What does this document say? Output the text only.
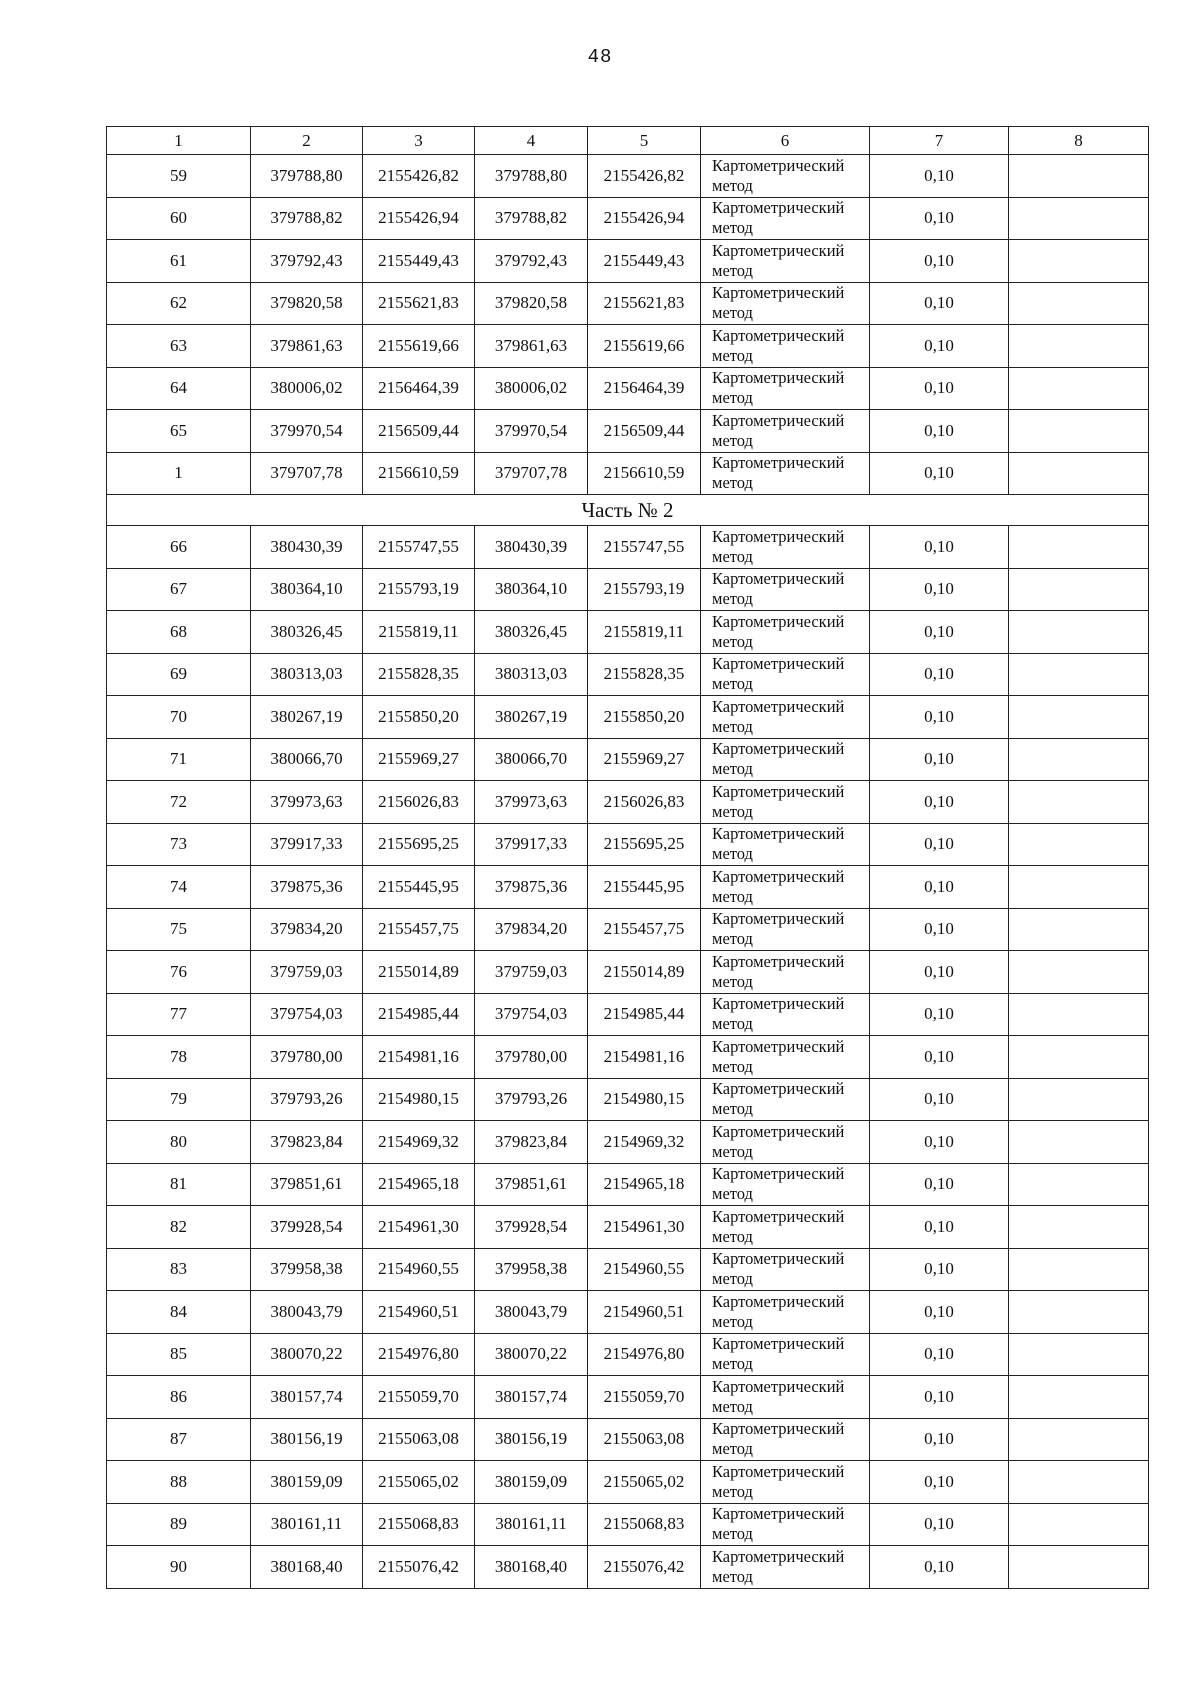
48
1	2	3	4	5	6	7	8
59	379788,80	2155426,82	379788,80	2155426,82	Картометрический метод	0,10	
60	379788,82	2155426,94	379788,82	2155426,94	Картометрический метод	0,10	
61	379792,43	2155449,43	379792,43	2155449,43	Картометрический метод	0,10	
62	379820,58	2155621,83	379820,58	2155621,83	Картометрический метод	0,10	
63	379861,63	2155619,66	379861,63	2155619,66	Картометрический метод	0,10	
64	380006,02	2156464,39	380006,02	2156464,39	Картометрический метод	0,10	
65	379970,54	2156509,44	379970,54	2156509,44	Картометрический метод	0,10	
1	379707,78	2156610,59	379707,78	2156610,59	Картометрический метод	0,10	
Часть № 2							
66	380430,39	2155747,55	380430,39	2155747,55	Картометрический метод	0,10	
67	380364,10	2155793,19	380364,10	2155793,19	Картометрический метод	0,10	
68	380326,45	2155819,11	380326,45	2155819,11	Картометрический метод	0,10	
69	380313,03	2155828,35	380313,03	2155828,35	Картометрический метод	0,10	
70	380267,19	2155850,20	380267,19	2155850,20	Картометрический метод	0,10	
71	380066,70	2155969,27	380066,70	2155969,27	Картометрический метод	0,10	
72	379973,63	2156026,83	379973,63	2156026,83	Картометрический метод	0,10	
73	379917,33	2155695,25	379917,33	2155695,25	Картометрический метод	0,10	
74	379875,36	2155445,95	379875,36	2155445,95	Картометрический метод	0,10	
75	379834,20	2155457,75	379834,20	2155457,75	Картометрический метод	0,10	
76	379759,03	2155014,89	379759,03	2155014,89	Картометрический метод	0,10	
77	379754,03	2154985,44	379754,03	2154985,44	Картометрический метод	0,10	
78	379780,00	2154981,16	379780,00	2154981,16	Картометрический метод	0,10	
79	379793,26	2154980,15	379793,26	2154980,15	Картометрический метод	0,10	
80	379823,84	2154969,32	379823,84	2154969,32	Картометрический метод	0,10	
81	379851,61	2154965,18	379851,61	2154965,18	Картометрический метод	0,10	
82	379928,54	2154961,30	379928,54	2154961,30	Картометрический метод	0,10	
83	379958,38	2154960,55	379958,38	2154960,55	Картометрический метод	0,10	
84	380043,79	2154960,51	380043,79	2154960,51	Картометрический метод	0,10	
85	380070,22	2154976,80	380070,22	2154976,80	Картометрический метод	0,10	
86	380157,74	2155059,70	380157,74	2155059,70	Картометрический метод	0,10	
87	380156,19	2155063,08	380156,19	2155063,08	Картометрический метод	0,10	
88	380159,09	2155065,02	380159,09	2155065,02	Картометрический метод	0,10	
89	380161,11	2155068,83	380161,11	2155068,83	Картометрический метод	0,10	
90	380168,40	2155076,42	380168,40	2155076,42	Картометрический метод	0,10	
